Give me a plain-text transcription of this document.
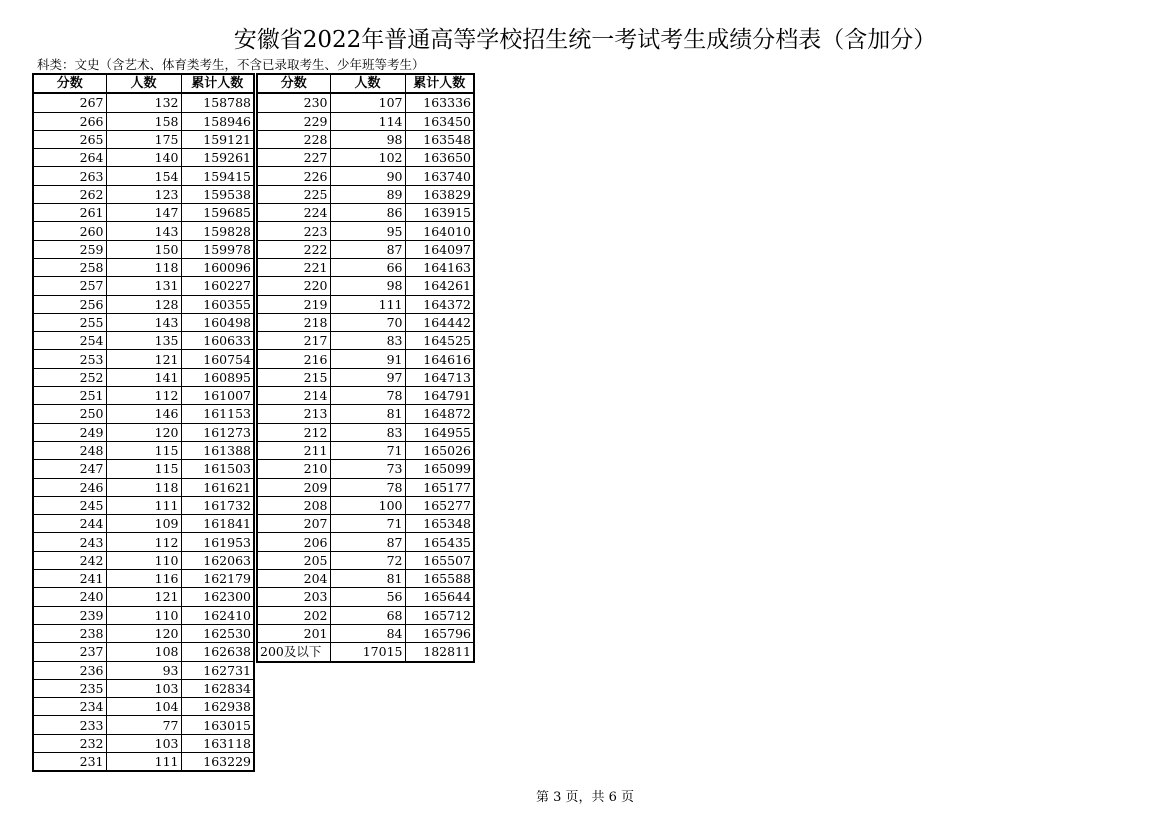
安徽省2022年普通高等学校招生统一考试考生成绩分档表（含加分）
科类：文史（含艺术、体育类考生，不含已录取考生、少年班等考生）
分数	人数	累计人数
267	132	158788
266	158	158946
265	175	159121
264	140	159261
263	154	159415
262	123	159538
261	147	159685
260	143	159828
259	150	159978
258	118	160096
257	131	160227
256	128	160355
255	143	160498
254	135	160633
253	121	160754
252	141	160895
251	112	161007
250	146	161153
249	120	161273
248	115	161388
247	115	161503
246	118	161621
245	111	161732
244	109	161841
243	112	161953
242	110	162063
241	116	162179
240	121	162300
239	110	162410
238	120	162530
237	108	162638
236	93	162731
235	103	162834
234	104	162938
233	77	163015
232	103	163118
231	111	163229
分数	人数	累计人数
230	107	163336
229	114	163450
228	98	163548
227	102	163650
226	90	163740
225	89	163829
224	86	163915
223	95	164010
222	87	164097
221	66	164163
220	98	164261
219	111	164372
218	70	164442
217	83	164525
216	91	164616
215	97	164713
214	78	164791
213	81	164872
212	83	164955
211	71	165026
210	73	165099
209	78	165177
208	100	165277
207	71	165348
206	87	165435
205	72	165507
204	81	165588
203	56	165644
202	68	165712
201	84	165796
200及以下	17015	182811
第 3 页，共 6 页
